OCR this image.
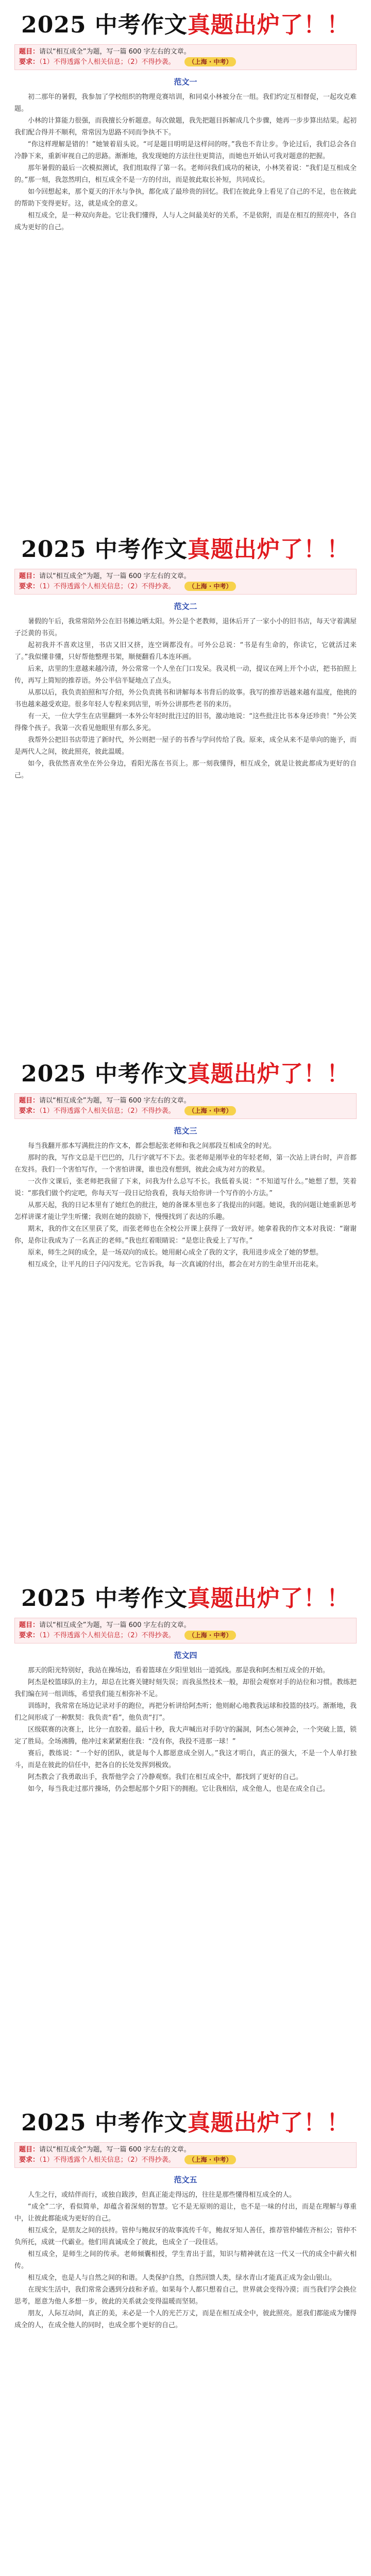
2025 中考作文真题出炉了！！
题目：请以“相互成全”为题，写一篇 600 字左右的文章。
要求：（1）不得透露个人相关信息；（2）不得抄袭。 （上海 · 中考）
范文一

初二那年的暑假，我参加了学校组织的物理竞赛培训，和同桌小林被分在一组。我们约定互相督促，一起攻克难题。

小林的计算能力很强，而我擅长分析题意。每次做题，我先把题目拆解成几个步骤，她再一步步算出结果。起初我们配合得并不顺利，常常因为思路不同而争执不下。

“你这样理解是错的！”她皱着眉头说。“可是题目明明是这样问的呀。”我也不肯让步。争论过后，我们总会各自冷静下来，重新审视自己的思路。渐渐地，我发现她的方法往往更简洁，而她也开始认可我对题意的把握。

那年暑假的最后一次模拟测试，我们组取得了第一名。老师问我们成功的秘诀，小林笑着说：“我们是互相成全的。”那一刻，我忽然明白，相互成全不是一方的付出，而是彼此取长补短，共同成长。

如今回想起来，那个夏天的汗水与争执，都化成了最珍贵的回忆。我们在彼此身上看见了自己的不足，也在彼此的帮助下变得更好。这，就是成全的意义。

相互成全，是一种双向奔赴。它让我们懂得，人与人之间最美好的关系，不是依附，而是在相互的照亮中，各自成为更好的自己。

2025 中考作文真题出炉了！！
题目：请以“相互成全”为题，写一篇 600 字左右的文章。
要求：（1）不得透露个人相关信息；（2）不得抄袭。 （上海 · 中考）
范文二

暑假的午后，我常常陪外公在旧书摊边晒太阳。外公是个老教师，退休后开了一家小小的旧书店，每天守着满屋子泛黄的书页。

起初我并不喜欢这里，书店又旧又挤，连空调都没有。可外公总说：“书是有生命的，你读它，它就活过来了。”我似懂非懂，只好帮他整理书架，顺便翻看几本连环画。

后来，店里的生意越来越冷清，外公常常一个人坐在门口发呆。我灵机一动，提议在网上开个小店，把书拍照上传，再写上简短的推荐语。外公半信半疑地点了点头。

从那以后，我负责拍照和写介绍，外公负责挑书和讲解每本书背后的故事。我写的推荐语越来越有温度，他挑的书也越来越受欢迎。很多年轻人专程来到店里，听外公讲那些老书的来历。

有一天，一位大学生在店里翻到一本外公年轻时批注过的旧书，激动地说：“这些批注比书本身还珍贵！”外公笑得像个孩子。我第一次看见他眼里有那么多光。

我帮外公把旧书店带进了新时代，外公则把一屋子的书香与学问传给了我。原来，成全从来不是单向的施予，而是两代人之间，彼此照亮，彼此温暖。

如今，我依然喜欢坐在外公身边，看阳光落在书页上。那一刻我懂得，相互成全，就是让彼此都成为更好的自己。

2025 中考作文真题出炉了！！
题目：请以“相互成全”为题，写一篇 600 字左右的文章。
要求：（1）不得透露个人相关信息；（2）不得抄袭。 （上海 · 中考）
范文三

每当我翻开那本写满批注的作文本，都会想起张老师和我之间那段互相成全的时光。

那时的我，写作文总是干巴巴的，几行字就写不下去。张老师是刚毕业的年轻老师，第一次站上讲台时，声音都在发抖。我们一个害怕写作，一个害怕讲课，谁也没有想到，彼此会成为对方的救星。

一次作文课后，张老师把我留了下来，问我为什么总写不长。我低着头说：“不知道写什么。”她想了想，笑着说：“那我们做个约定吧，你每天写一段日记给我看，我每天给你讲一个写作的小方法。”

从那天起，我的日记本里有了她红色的批注，她的备课本里也多了我提出的问题。她说，我的问题让她重新思考怎样讲课才能让学生听懂；我则在她的鼓励下，慢慢找到了表达的乐趣。

期末，我的作文在区里获了奖，而张老师也在全校公开课上获得了一致好评。她拿着我的作文本对我说：“谢谢你，是你让我成为了一名真正的老师。”我也红着眼睛说：“是您让我爱上了写作。”

原来，师生之间的成全，是一场双向的成长。她用耐心成全了我的文字，我用进步成全了她的梦想。

相互成全，让平凡的日子闪闪发光。它告诉我，每一次真诚的付出，都会在对方的生命里开出花来。

2025 中考作文真题出炉了！！
题目：请以“相互成全”为题，写一篇 600 字左右的文章。
要求：（1）不得透露个人相关信息；（2）不得抄袭。 （上海 · 中考）
范文四

那天的阳光特别好，我站在操场边，看着篮球在夕阳里划出一道弧线。那是我和阿杰相互成全的开始。

阿杰是校篮球队的主力，却总在比赛关键时刻失误；而我虽然技术一般，却很会观察对手的站位和习惯。教练把我们编在同一组训练，希望我们能互相弥补不足。

训练时，我常常在场边记录对手的跑位，再把分析讲给阿杰听；他则耐心地教我运球和投篮的技巧。渐渐地，我们之间形成了一种默契：我负责“看”，他负责“打”。

区级联赛的决赛上，比分一直胶着。最后十秒，我大声喊出对手防守的漏洞，阿杰心领神会，一个突破上篮，锁定了胜局。全场沸腾，他冲过来紧紧抱住我：“没有你，我投不进那一球！”

赛后，教练说：“一个好的团队，就是每个人都愿意成全别人。”我这才明白，真正的强大，不是一个人单打独斗，而是在彼此的信任中，把各自的长处发挥到极致。

阿杰教会了我勇敢出手，我帮他学会了冷静观察。我们在相互成全中，都找到了更好的自己。

如今，每当我走过那片操场，仍会想起那个夕阳下的拥抱。它让我相信，成全他人，也是在成全自己。

2025 中考作文真题出炉了！！
题目：请以“相互成全”为题，写一篇 600 字左右的文章。
要求：（1）不得透露个人相关信息；（2）不得抄袭。 （上海 · 中考）
范文五

人生之行，或结伴而行，或独自跋涉，但真正能走得远的，往往是那些懂得相互成全的人。

“成全”二字，看似简单，却蕴含着深刻的智慧。它不是无原则的退让，也不是一味的付出，而是在理解与尊重中，让彼此都能成为更好的自己。

相互成全，是朋友之间的扶持。管仲与鲍叔牙的故事流传千年，鲍叔牙知人善任，推荐管仲辅佐齐桓公；管仲不负所托，成就一代霸业。他们用真诚成全了彼此，也成全了一段佳话。

相互成全，是师生之间的传承。老师倾囊相授，学生青出于蓝，知识与精神就在这一代又一代的成全中薪火相传。

相互成全，也是人与自然之间的和谐。人类保护自然，自然回馈人类，绿水青山才能真正成为金山银山。

在现实生活中，我们常常会遇到分歧和矛盾。如果每个人都只想着自己，世界就会变得冷漠；而当我们学会换位思考，愿意为他人多想一步，彼此的关系就会变得温暖而坚韧。

朋友，人际互动间，真正的美，未必是一个人的光芒万丈，而是在相互成全中，彼此照亮。愿我们都能成为懂得成全的人，在成全他人的同时，也成全那个更好的自己。
